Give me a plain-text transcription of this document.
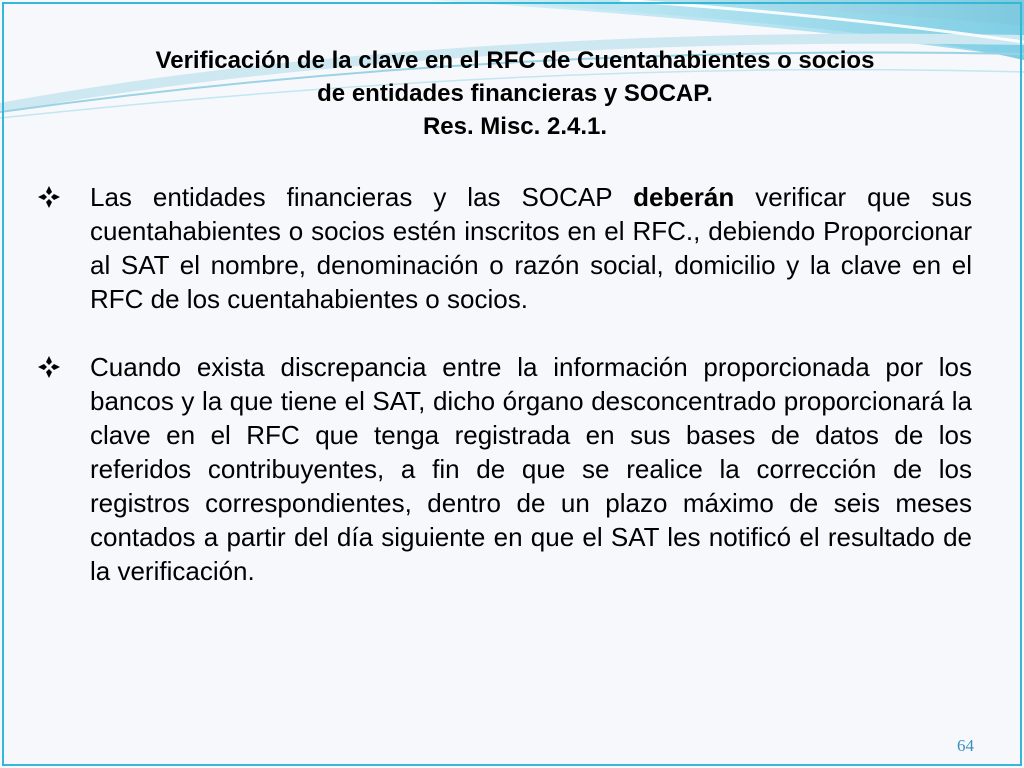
Verificación de la clave en el RFC de Cuentahabientes o socios
de entidades financieras y SOCAP.
Res. Misc. 2.4.1.
Las entidades financieras y las SOCAP deberán verificar que sus cuentahabientes o socios estén inscritos en el RFC., debiendo Proporcionar al SAT el nombre, denominación o razón social, domicilio y la clave en el RFC de los cuentahabientes o socios.
Cuando exista discrepancia entre la información proporcionada por los bancos y la que tiene el SAT, dicho órgano desconcentrado proporcionará la clave en el RFC que tenga registrada en sus bases de datos de los referidos contribuyentes, a fin de que se realice la corrección de los registros correspondientes, dentro de un plazo máximo de seis meses contados a partir del día siguiente en que el SAT les notificó el resultado de la verificación.
64
